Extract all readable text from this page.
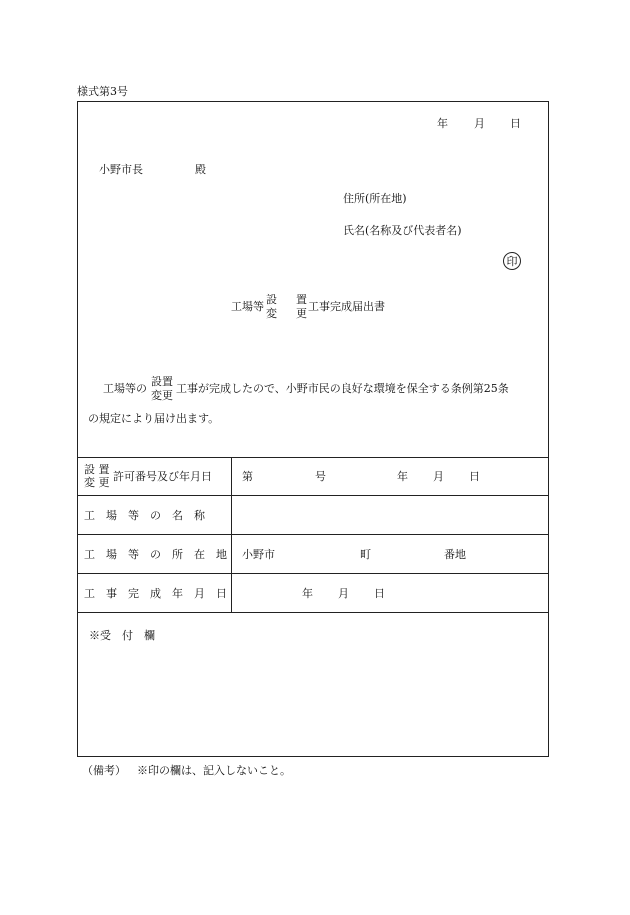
様式第3号
年 月 日
小野市長	殿
住所(所在地)
氏名(名称及び代表者名)
印
工場等
設
変
置
更
工事完成届出書
工場等の
設置
変更
工事が完成したので、小野市民の良好な環境を保全する条例第25条
の規定により届け出ます。
設 置
変 更 許可番号及び年月日	第	号	年 月 日
工　場　等　の　名　称
工　場　等　の　所　在　地 小野市	町	番地
工　事　完　成　年　月　日	年 月 日
※受　付　欄
（備考） ※印の欄は、記入しないこと。
